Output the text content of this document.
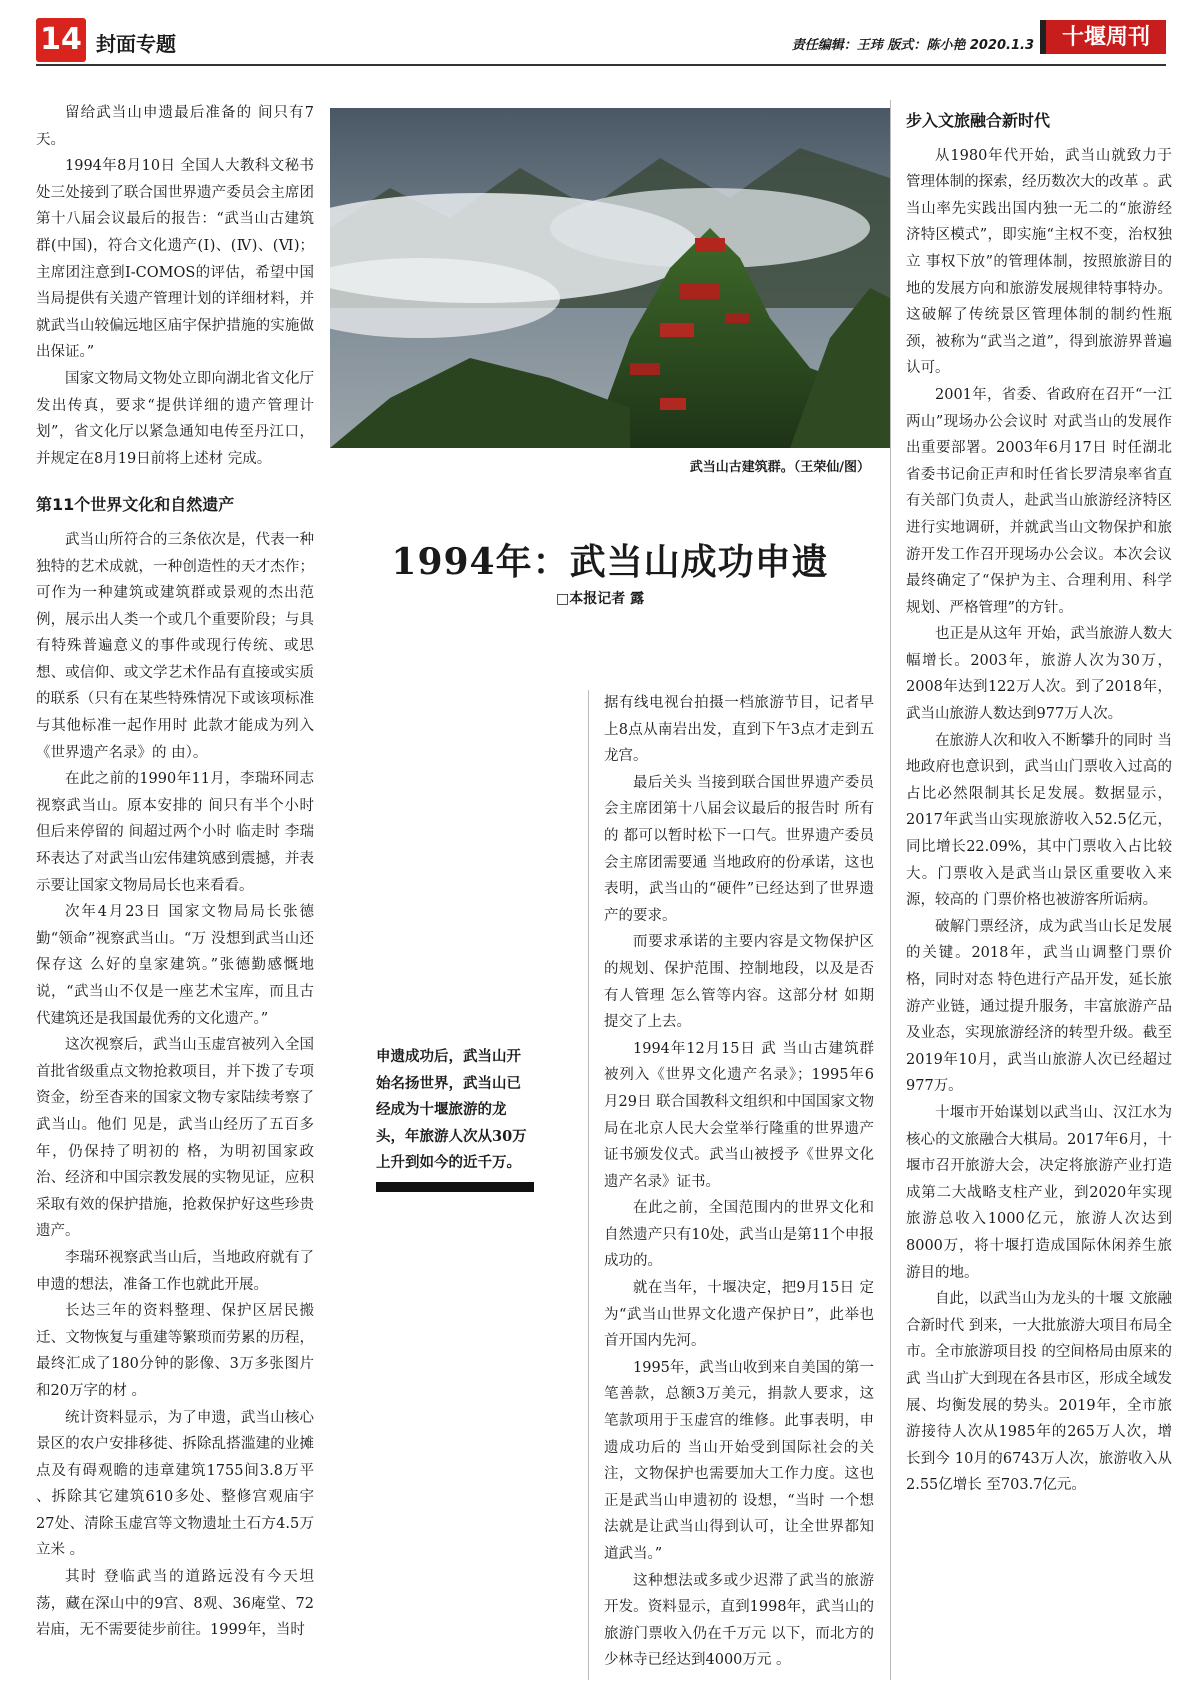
14 封面专题	责任编辑：王玮 版式：陈小艳 2020.1.3	十堰周刊

留给武当山申遗最后准备的 间只有7天。

1994年8月10日 全国人大教科文秘书处三处接到了联合国世界遗产委员会主席团第十八届会议最后的报告：“武当山古建筑群(中国)，符合文化遗产(Ⅰ)、(Ⅳ)、(Ⅵ)；主席团注意到I-COMOS的评估，希望中国当局提供有关遗产管理计划的详细材料，并就武当山较偏远地区庙宇保护措施的实施做出保证。”

国家文物局文物处立即向湖北省文化厅发出传真，要求“提供详细的遗产管理计划”，省文化厅以紧急通知电传至丹江口，并规定在8月19日前将上述材 完成。

第11个世界文化和自然遗产

武当山所符合的三条依次是，代表一种独特的艺术成就，一种创造性的天才杰作；可作为一种建筑或建筑群或景观的杰出范例，展示出人类一个或几个重要阶段；与具有特殊普遍意义的事件或现行传统、或思想、或信仰、或文学艺术作品有直接或实质的联系（只有在某些特殊情况下或该项标准与其他标准一起作用时 此款才能成为列入《世界遗产名录》的 由）。

在此之前的1990年11月，李瑞环同志视察武当山。原本安排的 间只有半个小时 但后来停留的 间超过两个小时 临走时 李瑞环表达了对武当山宏伟建筑感到震撼，并表示要让国家文物局局长也来看看。

次年4月23日 国家文物局局长张德勤“领命”视察武当山。“万 没想到武当山还保存这 么好的皇家建筑。”张德勤感慨地说，“武当山不仅是一座艺术宝库，而且古代建筑还是我国最优秀的文化遗产。”

这次视察后，武当山玉虚宫被列入全国首批省级重点文物抢救项目，并下拨了专项资金，纷至杳来的国家文物专家陆续考察了武当山。他们 见是，武当山经历了五百多年，仍保持了明初的 格，为明初国家政治、经济和中国宗教发展的实物见证，应积 采取有效的保护措施，抢救保护好这些珍贵遗产。

李瑞环视察武当山后，当地政府就有了申遗的想法，准备工作也就此开展。

长达三年的资料整理、保护区居民搬迁、文物恢复与重建等繁琐而劳累的历程，最终汇成了180分钟的影像、3万多张图片和20万字的材 。

统计资料显示，为了申遗，武当山核心景区的农户安排移徙、拆除乱搭滥建的业摊点及有碍观瞻的违章建筑1755间3.8万平 、拆除其它建筑610多处、整修宫观庙宇27处、清除玉虚宫等文物遗址土石方4.5万立米 。

其时 登临武当的道路远没有今天坦荡，藏在深山中的9宫、8观、36庵堂、72岩庙，无不需要徒步前往。1999年，当时

武当山古建筑群。（王荣仙/图）
1994年：武当山成功申遗
□本报记者 露
申遗成功后，武当山开始名扬世界，武当山已经成为十堰旅游的龙头，年旅游人次从30万上升到如今的近千万。

据有线电视台拍摄一档旅游节目，记者早上8点从南岩出发，直到下午3点才走到五龙宫。

最后关头 当接到联合国世界遗产委员会主席团第十八届会议最后的报告时 所有的 都可以暂时松下一口气。世界遗产委员会主席团需要通 当地政府的份承诺，这也表明，武当山的“硬件”已经达到了世界遗产的要求。

而要求承诺的主要内容是文物保护区的规划、保护范围、控制地段，以及是否有人管理 怎么管等内容。这部分材 如期提交了上去。

1994年12月15日 武 当山古建筑群被列入《世界文化遗产名录》；1995年6月29日 联合国教科文组织和中国国家文物局在北京人民大会堂举行隆重的世界遗产证书颁发仪式。武当山被授予《世界文化遗产名录》证书。

在此之前，全国范围内的世界文化和自然遗产只有10处，武当山是第11个申报成功的。

就在当年，十堰决定，把9月15日 定为“武当山世界文化遗产保护日”，此举也首开国内先河。

1995年，武当山收到来自美国的第一笔善款，总额3万美元，捐款人要求，这笔款项用于玉虚宫的维修。此事表明，申遗成功后的 当山开始受到国际社会的关注，文物保护也需要加大工作力度。这也正是武当山申遗初的 设想，“当时 一个想法就是让武当山得到认可，让全世界都知道武当。”

这种想法或多或少迟滞了武当的旅游开发。资料显示，直到1998年，武当山的旅游门票收入仍在千万元 以下，而北方的少林寺已经达到4000万元 。

步入文旅融合新时代

从1980年代开始，武当山就致力于管理体制的探索，经历数次大的改革 。武当山率先实践出国内独一无二的“旅游经济特区模式”，即实施“主权不变，治权独立 事权下放”的管理体制，按照旅游目的地的发展方向和旅游发展规律特事特办。这破解了传统景区管理体制的制约性瓶颈，被称为“武当之道”，得到旅游界普遍认可。

2001年，省委、省政府在召开“一江两山”现场办公会议时 对武当山的发展作出重要部署。2003年6月17日 时任湖北省委书记俞正声和时任省长罗清泉率省直有关部门负责人，赴武当山旅游经济特区进行实地调研，并就武当山文物保护和旅游开发工作召开现场办公会议。本次会议最终确定了“保护为主、合理利用、科学规划、严格管理”的方针。

也正是从这年 开始，武当旅游人数大幅增长。2003年，旅游人次为30万，2008年达到122万人次。到了2018年，武当山旅游人数达到977万人次。

在旅游人次和收入不断攀升的同时 当地政府也意识到，武当山门票收入过高的占比必然限制其长足发展。数据显示，2017年武当山实现旅游收入52.5亿元，同比增长22.09%，其中门票收入占比较大。门票收入是武当山景区重要收入来源，较高的 门票价格也被游客所诟病。

破解门票经济，成为武当山长足发展的关键。2018年，武当山调整门票价格，同时对态 特色进行产品开发，延长旅游产业链，通过提升服务，丰富旅游产品及业态，实现旅游经济的转型升级。截至2019年10月，武当山旅游人次已经超过977万。

十堰市开始谋划以武当山、汉江水为核心的文旅融合大棋局。2017年6月，十堰市召开旅游大会，决定将旅游产业打造成第二大战略支柱产业，到2020年实现旅游总收入1000亿元，旅游人次达到8000万，将十堰打造成国际休闲养生旅游目的地。

自此，以武当山为龙头的十堰 文旅融合新时代 到来，一大批旅游大项目布局全市。全市旅游项目投 的空间格局由原来的武 当山扩大到现在各县市区，形成全域发展、均衡发展的势头。2019年，全市旅游接待人次从1985年的265万人次，增长到今 10月的6743万人次，旅游收入从2.55亿增长 至703.7亿元。
